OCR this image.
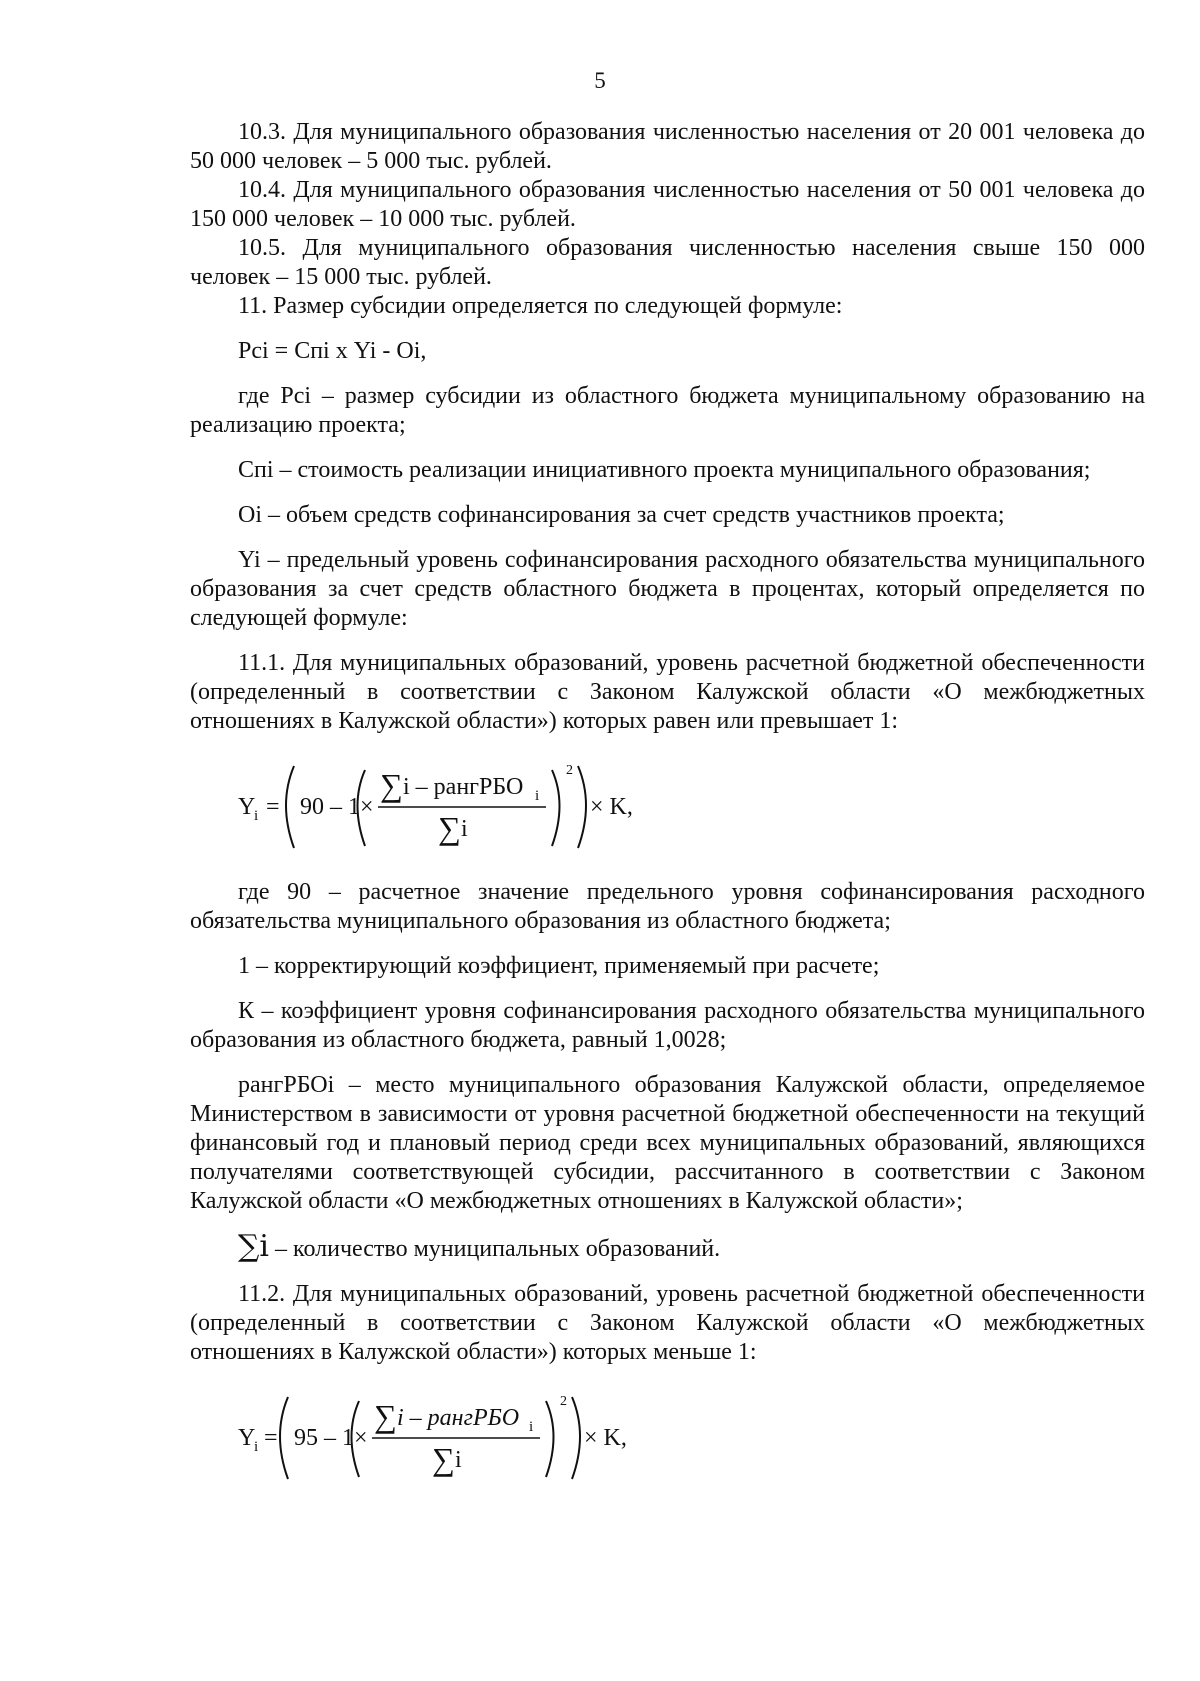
5
10.3. Для муниципального образования численностью населения от 20 001 человека до 50 000 человек – 5 000 тыс. рублей.
10.4. Для муниципального образования численностью населения от 50 001 человека до 150 000 человек – 10 000 тыс. рублей.
10.5. Для муниципального образования численностью населения свыше 150 000 человек – 15 000 тыс. рублей.
11. Размер субсидии определяется по следующей формуле:
Рсi = Спi х Yi - Оi,
где Рсi – размер субсидии из областного бюджета муниципальному образованию на реализацию проекта;
Спi – стоимость реализации инициативного проекта муниципального образования;
Оi – объем средств софинансирования за счет средств участников проекта;
Yi – предельный уровень софинансирования расходного обязательства муниципального образования за счет средств областного бюджета в процентах, который определяется по следующей формуле:
11.1. Для муниципальных образований, уровень расчетной бюджетной обеспеченности (определенный в соответствии с Законом Калужской области «О межбюджетных отношениях в Калужской области») которых равен или превышает 1:
Y
i = 90 – 1×
∑ i – рангРБО i
∑ i
2
× K,
где 90 – расчетное значение предельного уровня софинансирования расходного обязательства муниципального образования из областного бюджета;
1 – корректирующий коэффициент, применяемый при расчете;
К – коэффициент уровня софинансирования расходного обязательства муниципального образования из областного бюджета, равный 1,0028;
рангРБОi – место муниципального образования Калужской области, определяемое Министерством в зависимости от уровня расчетной бюджетной обеспеченности на текущий финансовый год и плановый период среди всех муниципальных образований, являющихся получателями соответствующей субсидии, рассчитанного в соответствии с Законом Калужской области «О межбюджетных отношениях в Калужской области»;
∑i – количество муниципальных образований.
11.2. Для муниципальных образований, уровень расчетной бюджетной обеспеченности (определенный в соответствии с Законом Калужской области «О межбюджетных отношениях в Калужской области») которых меньше 1:
Y
i = 95 – 1×
∑ i – рангРБО i
∑ i
2
× K,
